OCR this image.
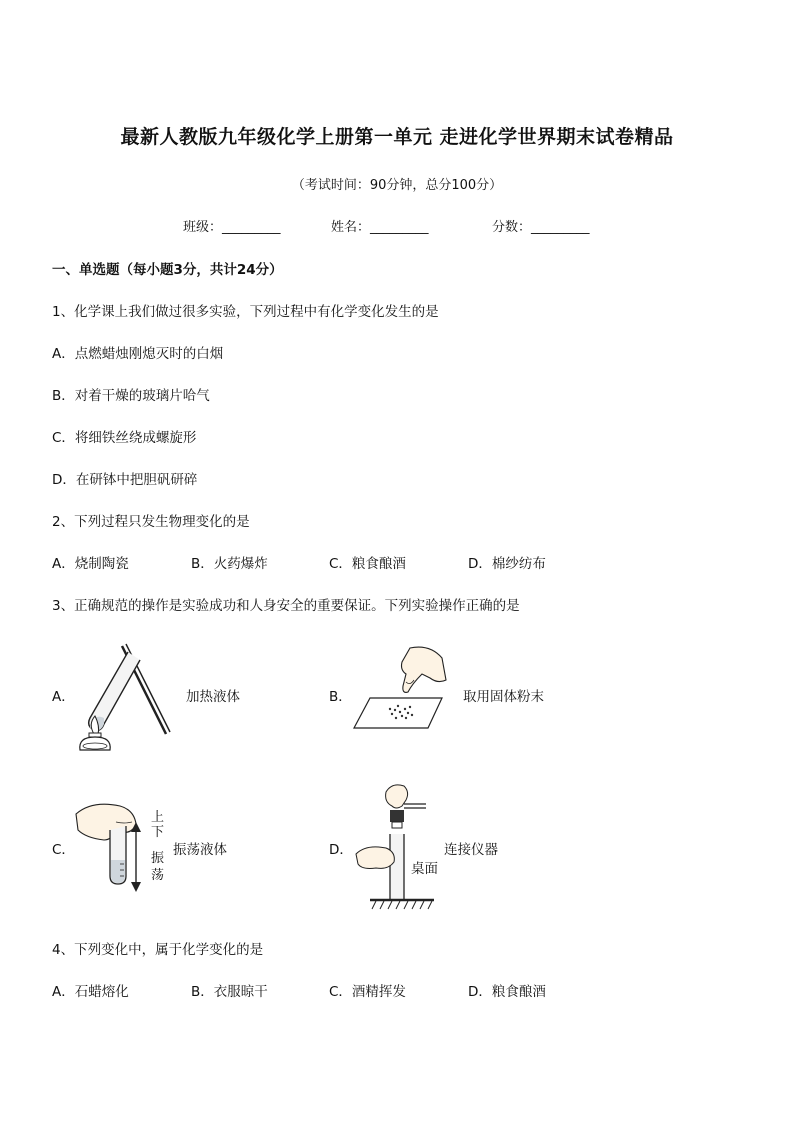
最新人教版九年级化学上册第一单元 走进化学世界期末试卷精品
（考试时间：90分钟，总分100分）
班级：_________	姓名：_________	分数：_________
一、单选题（每小题3分，共计24分）
1、化学课上我们做过很多实验，下列过程中有化学变化发生的是
A．点燃蜡烛刚熄灭时的白烟
B．对着干燥的玻璃片哈气
C．将细铁丝绕成螺旋形
D．在研钵中把胆矾研碎
2、下列过程只发生物理变化的是
A．烧制陶瓷	B．火药爆炸	C．粮食酿酒	D．棉纱纺布
3、正确规范的操作是实验成功和人身安全的重要保证。下列实验操作正确的是
A．	加热液体	B．	取用固体粉末
C．
上下
振荡
振荡液体	D．	连接仪器
桌面
4、下列变化中，属于化学变化的是
A．石蜡熔化	B．衣服晾干	C．酒精挥发	D．粮食酿酒
